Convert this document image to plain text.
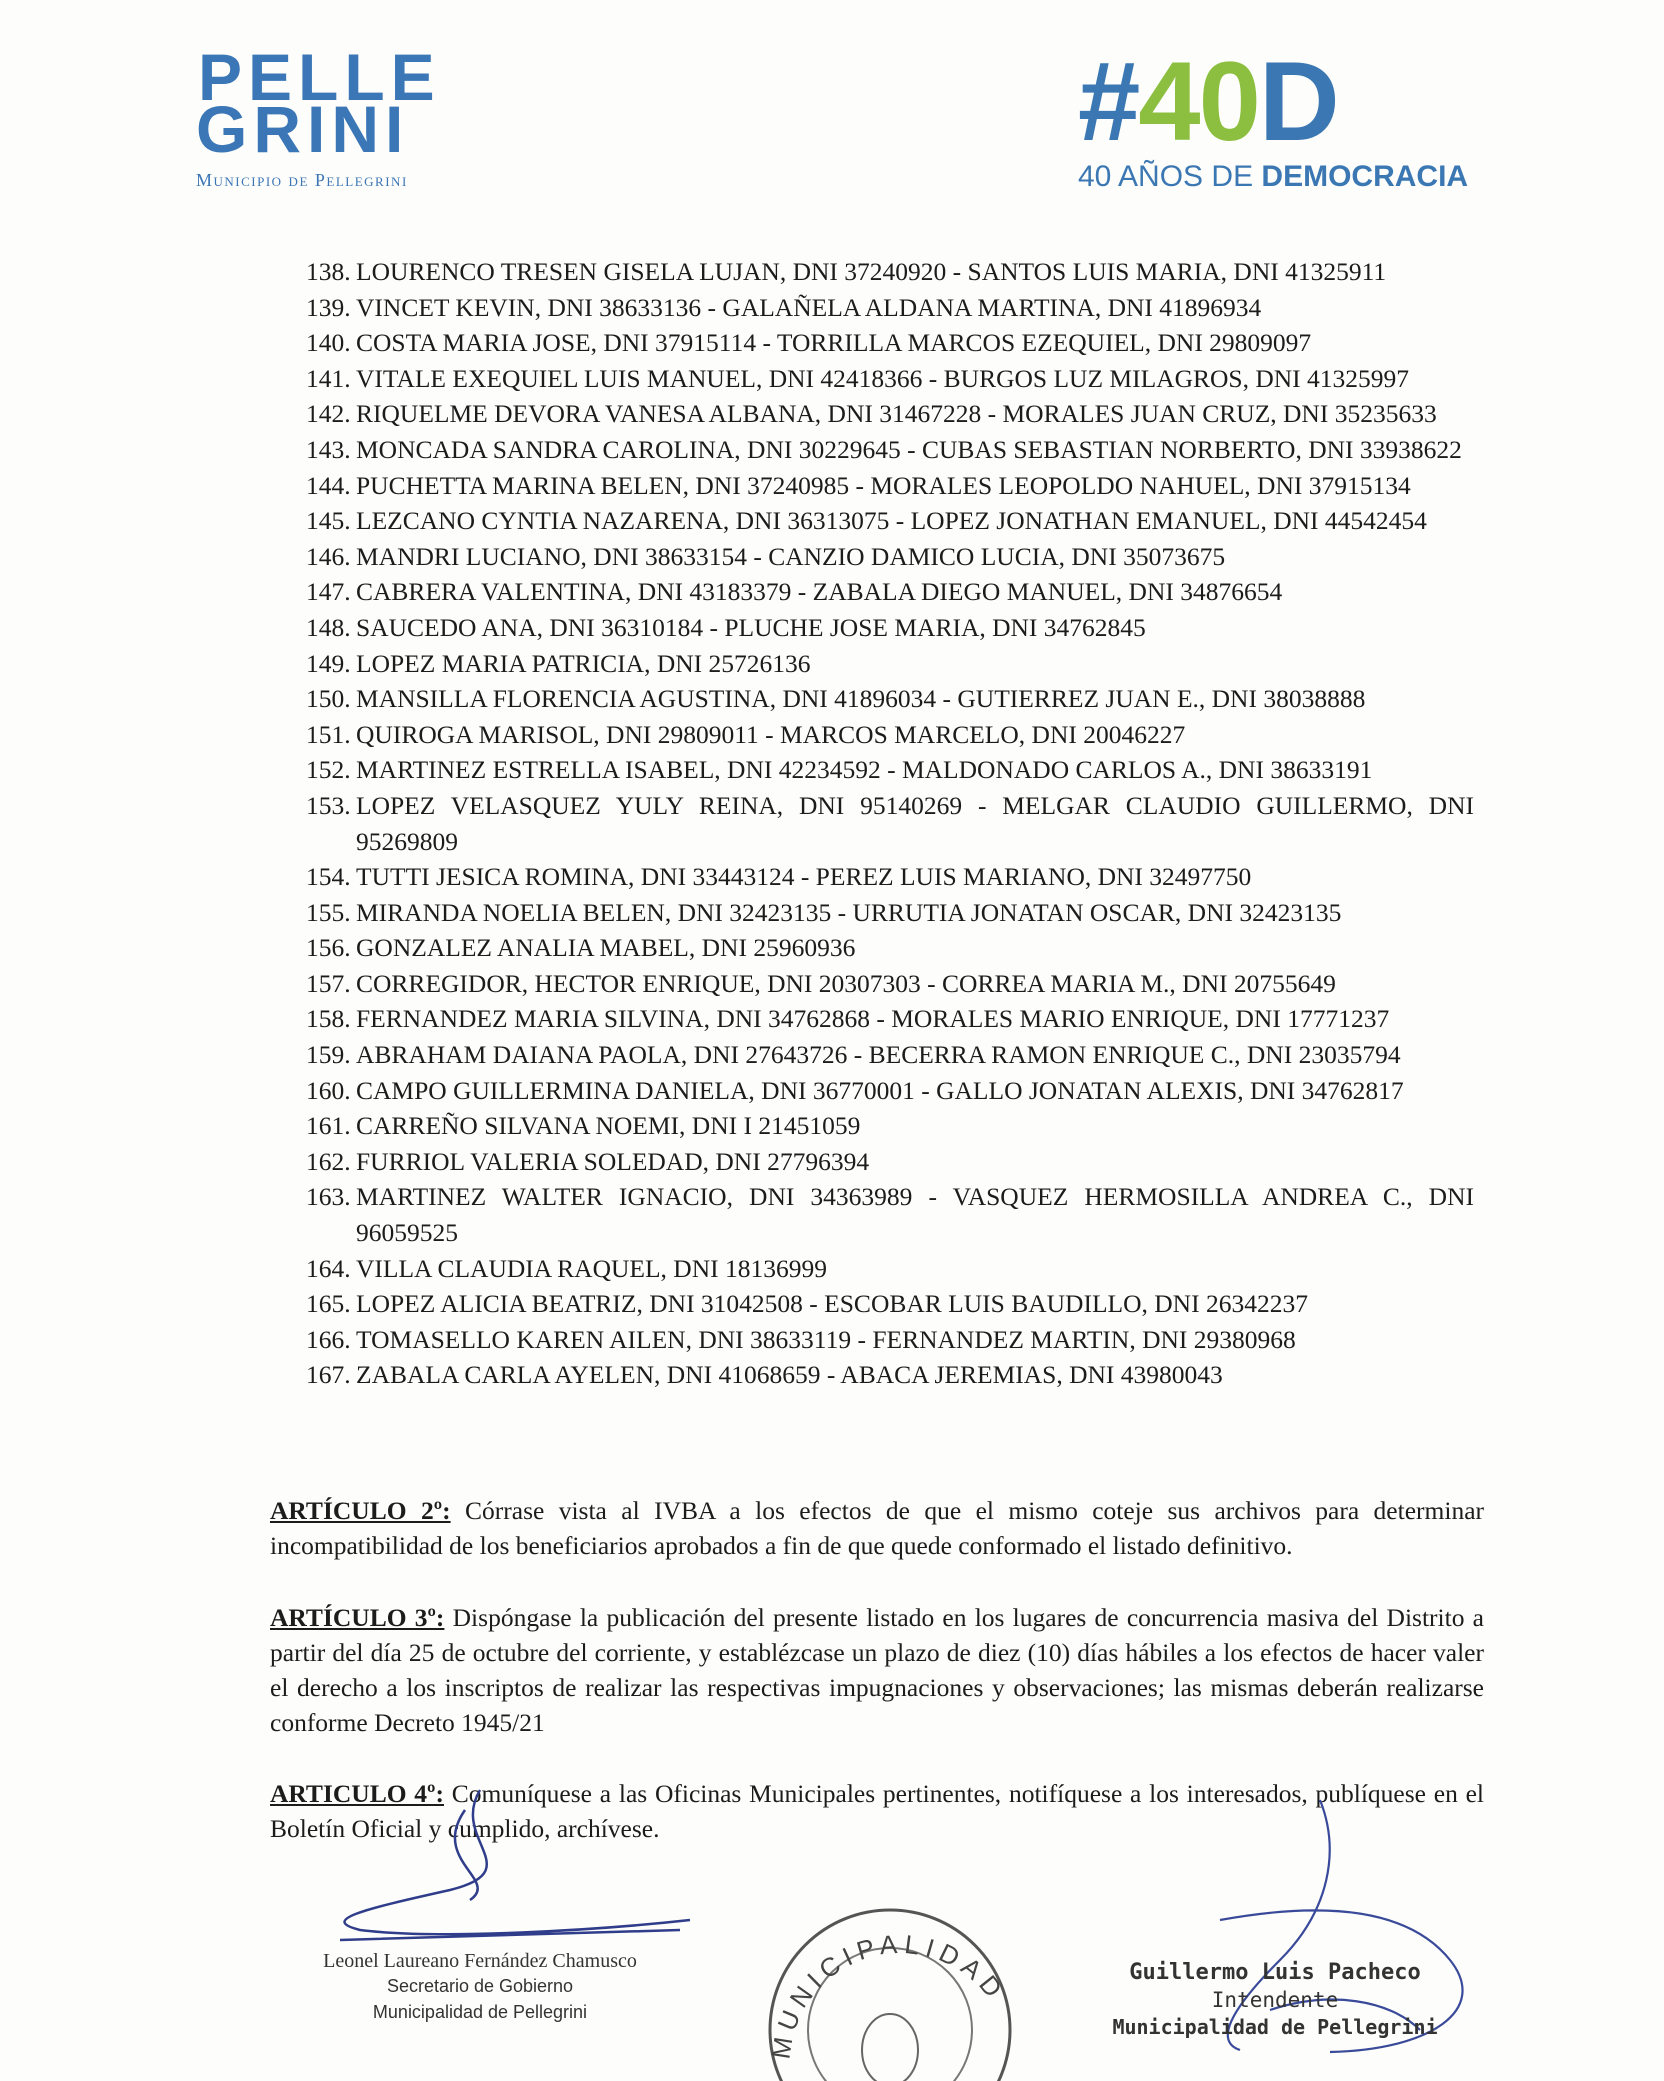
PELLE
GRINI
Municipio de Pellegrini
#40D
40 AÑOS DE DEMOCRACIA
138. LOURENCO TRESEN GISELA LUJAN, DNI 37240920 - SANTOS LUIS MARIA, DNI 41325911
139. VINCET KEVIN, DNI 38633136 - GALAÑELA ALDANA MARTINA, DNI 41896934
140. COSTA MARIA JOSE, DNI 37915114 - TORRILLA MARCOS EZEQUIEL, DNI 29809097
141. VITALE EXEQUIEL LUIS MANUEL, DNI 42418366 - BURGOS LUZ MILAGROS, DNI 41325997
142. RIQUELME DEVORA VANESA ALBANA, DNI 31467228 - MORALES JUAN CRUZ, DNI 35235633
143. MONCADA SANDRA CAROLINA, DNI 30229645 - CUBAS SEBASTIAN NORBERTO, DNI 33938622
144. PUCHETTA MARINA BELEN, DNI 37240985 - MORALES LEOPOLDO NAHUEL, DNI 37915134
145. LEZCANO CYNTIA NAZARENA, DNI 36313075 - LOPEZ JONATHAN EMANUEL, DNI 44542454
146. MANDRI LUCIANO, DNI 38633154 - CANZIO DAMICO LUCIA, DNI 35073675
147. CABRERA VALENTINA, DNI 43183379 - ZABALA DIEGO MANUEL, DNI 34876654
148. SAUCEDO ANA, DNI 36310184 - PLUCHE JOSE MARIA, DNI 34762845
149. LOPEZ MARIA PATRICIA, DNI 25726136
150. MANSILLA FLORENCIA AGUSTINA, DNI 41896034 - GUTIERREZ JUAN E., DNI 38038888
151. QUIROGA MARISOL, DNI 29809011 - MARCOS MARCELO, DNI 20046227
152. MARTINEZ ESTRELLA ISABEL, DNI 42234592 - MALDONADO CARLOS A., DNI 38633191
153. LOPEZ VELASQUEZ YULY REINA, DNI 95140269 - MELGAR CLAUDIO GUILLERMO, DNI 95269809
154. TUTTI JESICA ROMINA, DNI 33443124 - PEREZ LUIS MARIANO, DNI 32497750
155. MIRANDA NOELIA BELEN, DNI 32423135 - URRUTIA JONATAN OSCAR, DNI 32423135
156. GONZALEZ ANALIA MABEL, DNI 25960936
157. CORREGIDOR, HECTOR ENRIQUE, DNI 20307303 - CORREA MARIA M., DNI 20755649
158. FERNANDEZ MARIA SILVINA, DNI 34762868 - MORALES MARIO ENRIQUE, DNI 17771237
159. ABRAHAM DAIANA PAOLA, DNI 27643726 - BECERRA RAMON ENRIQUE C., DNI 23035794
160. CAMPO GUILLERMINA DANIELA, DNI 36770001 - GALLO JONATAN ALEXIS, DNI 34762817
161. CARREÑO SILVANA NOEMI, DNI I 21451059
162. FURRIOL VALERIA SOLEDAD, DNI 27796394
163. MARTINEZ WALTER IGNACIO, DNI 34363989 - VASQUEZ HERMOSILLA ANDREA C., DNI 96059525
164. VILLA CLAUDIA RAQUEL, DNI 18136999
165. LOPEZ ALICIA BEATRIZ, DNI 31042508 - ESCOBAR LUIS BAUDILLO, DNI 26342237
166. TOMASELLO KAREN AILEN, DNI 38633119 - FERNANDEZ MARTIN, DNI 29380968
167. ZABALA CARLA AYELEN, DNI 41068659 - ABACA JEREMIAS, DNI 43980043
ARTÍCULO 2º: Córrase vista al IVBA a los efectos de que el mismo coteje sus archivos para determinar incompatibilidad de los beneficiarios aprobados a fin de que quede conformado el listado definitivo.
ARTÍCULO 3º: Dispóngase la publicación del presente listado en los lugares de concurrencia masiva del Distrito a partir del día 25 de octubre del corriente, y establézcase un plazo de diez (10) días hábiles a los efectos de hacer valer el derecho a los inscriptos de realizar las respectivas impugnaciones y observaciones; las mismas deberán realizarse conforme Decreto 1945/21
ARTICULO 4º: Comuníquese a las Oficinas Municipales pertinentes, notifíquese a los interesados, publíquese en el Boletín Oficial y cumplido, archívese.
MUNICIPALIDAD
Leonel Laureano Fernández Chamusco
Secretario de Gobierno
Municipalidad de Pellegrini
Guillermo Luis Pacheco
Intendente
Municipalidad de Pellegrini
